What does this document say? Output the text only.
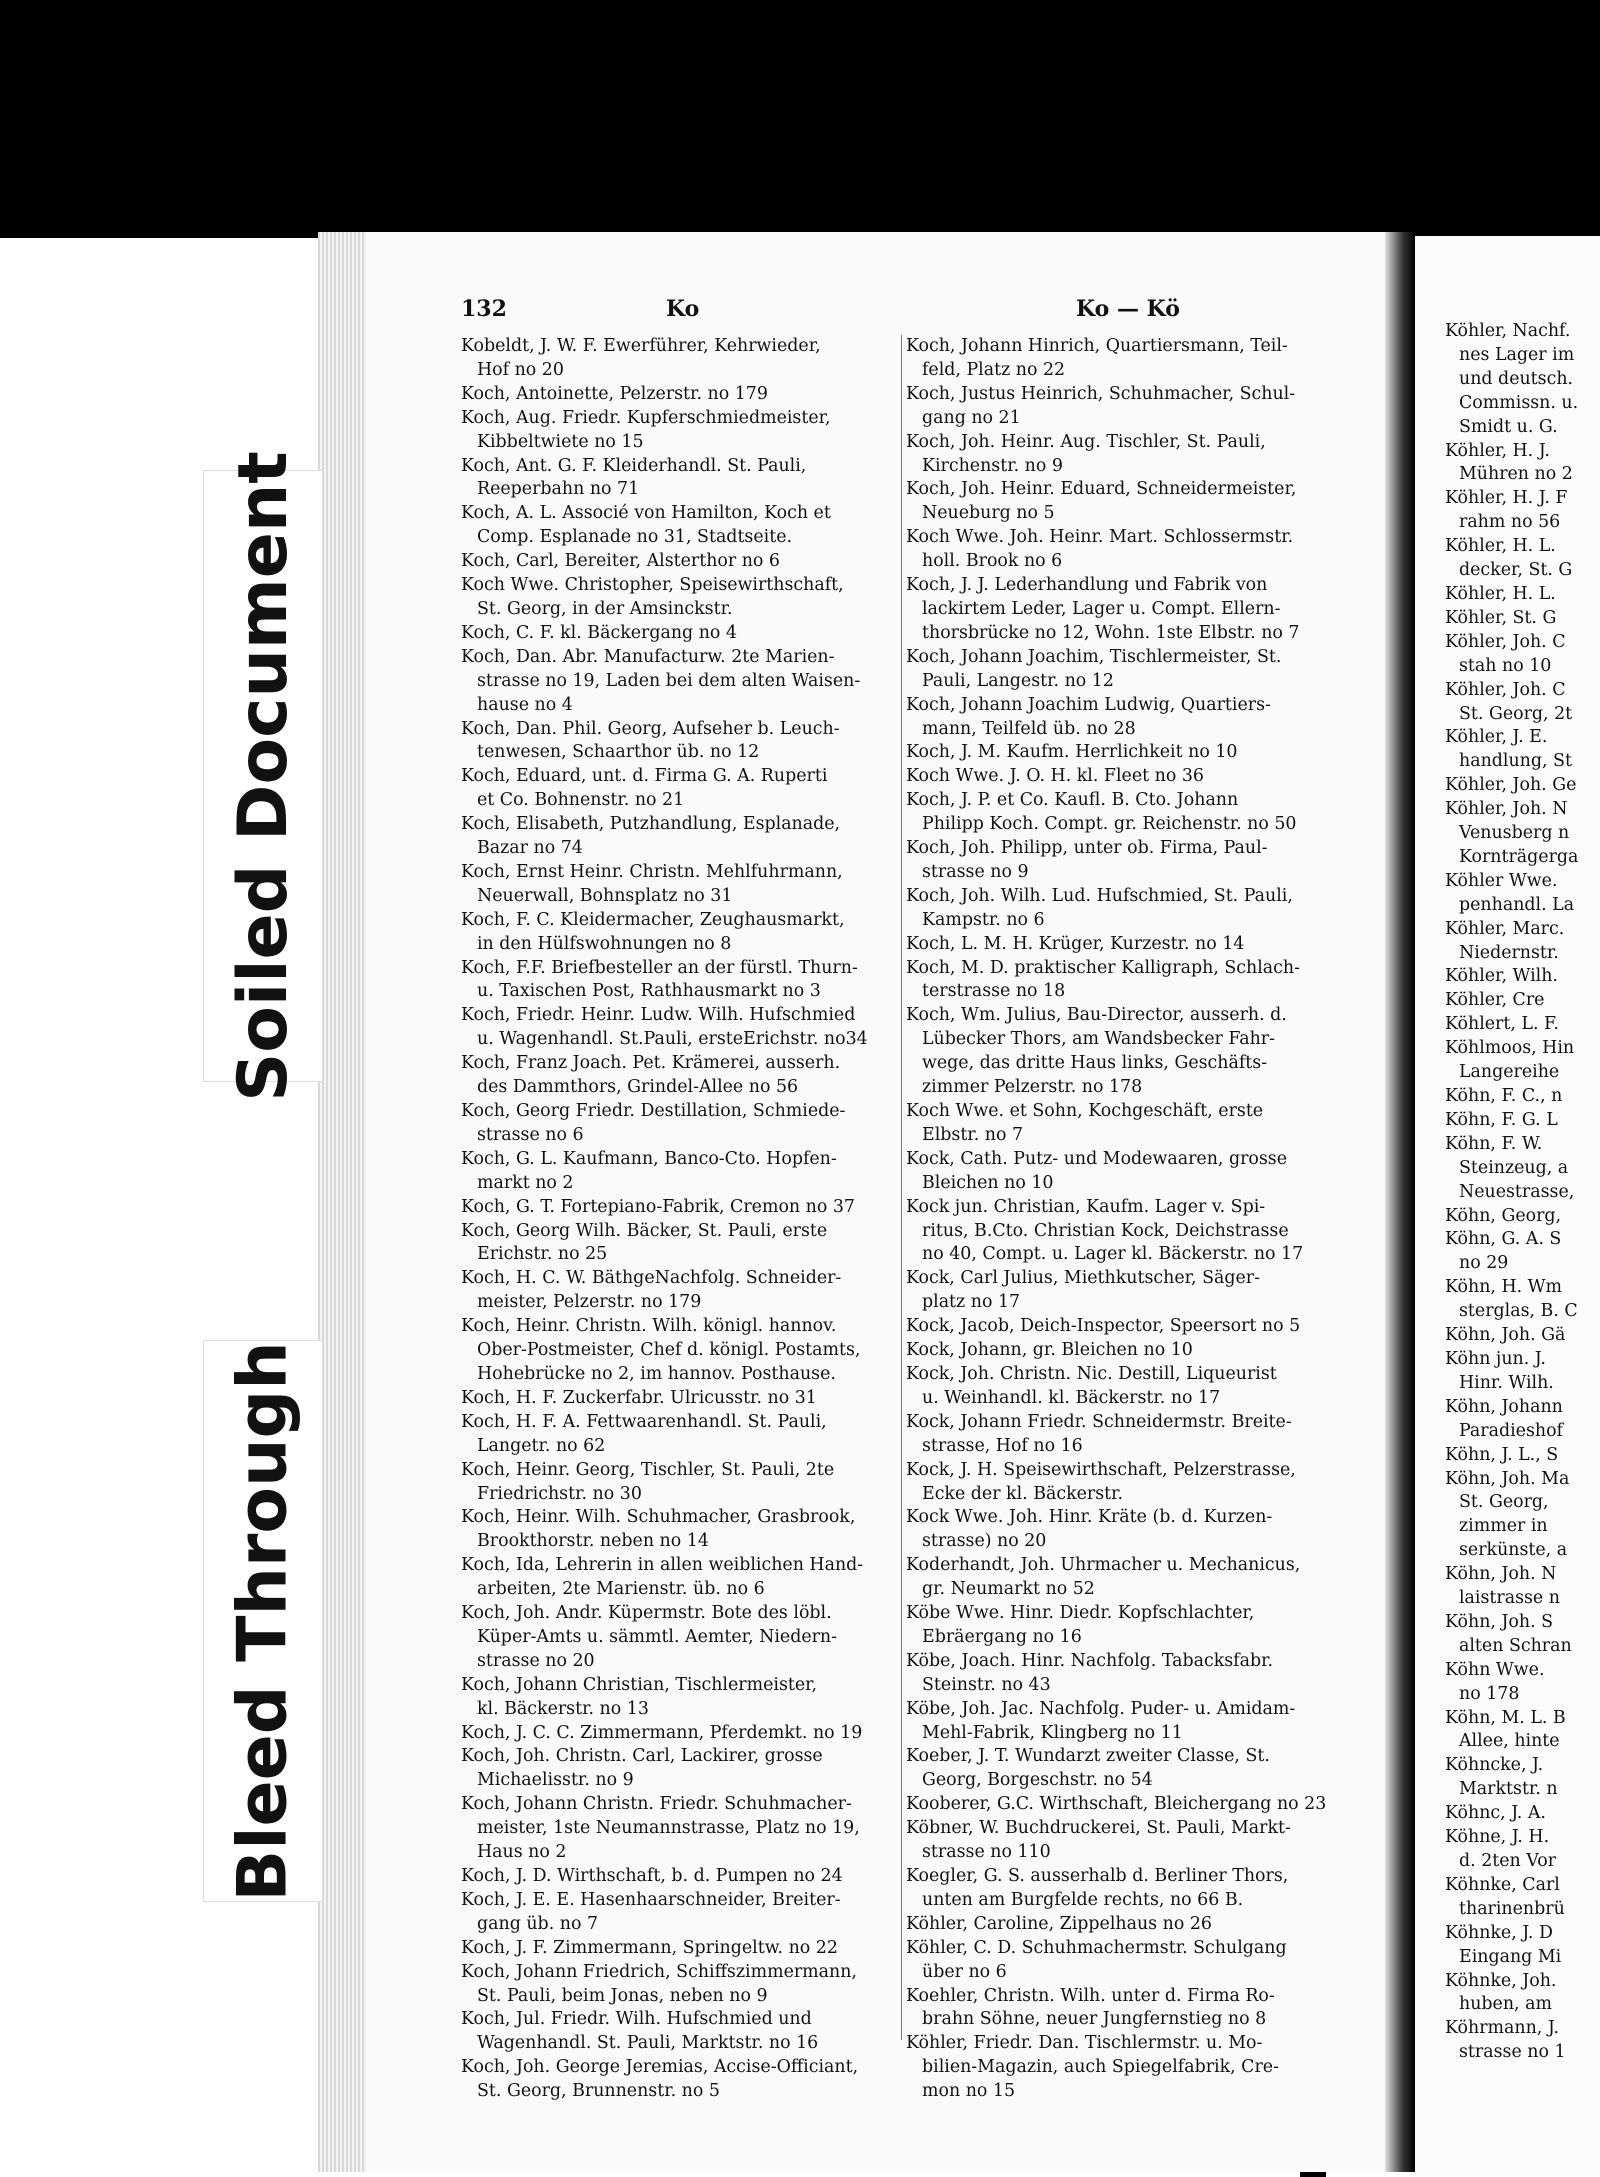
Köhler, Nachf.
nes Lager im
und deutsch.
Commissn. u.
Smidt u. G.
Köhler, H. J.
Mühren no 2
Köhler, H. J. F
rahm no 56
Köhler, H. L.
decker, St. G
Köhler, H. L.
Köhler, St. G
Köhler, Joh. C
stah no 10
Köhler, Joh. C
St. Georg, 2t
Köhler, J. E.
handlung, St
Köhler, Joh. Ge
Köhler, Joh. N
Venusberg n
Kornträgerga
Köhler Wwe.
penhandl. La
Köhler, Marc.
Niedernstr.
Köhler, Wilh.
Köhler, Cre
Köhlert, L. F.
Köhlmoos, Hin
Langereihe
Köhn, F. C., n
Köhn, F. G. L
Köhn, F. W.
Steinzeug, a
Neuestrasse,
Köhn, Georg,
Köhn, G. A. S
no 29
Köhn, H. Wm
sterglas, B. C
Köhn, Joh. Gä
Köhn jun. J.
Hinr. Wilh.
Köhn, Johann
Paradieshof
Köhn, J. L., S
Köhn, Joh. Ma
St. Georg,
zimmer in
serkünste, a
Köhn, Joh. N
laistrasse n
Köhn, Joh. S
alten Schran
Köhn Wwe.
no 178
Köhn, M. L. B
Allee, hinte
Köhncke, J.
Marktstr. n
Köhnc, J. A.
Köhne, J. H.
d. 2ten Vor
Köhnke, Carl
tharinenbrü
Köhnke, J. D
Eingang Mi
Köhnke, Joh.
huben, am
Köhrmann, J.
strasse no 1
Soiled Document
Bleed Through
132	Ko	Ko — Kö
Kobeldt, J. W. F. Ewerführer, Kehrwieder,
Hof no 20
Koch, Antoinette, Pelzerstr. no 179
Koch, Aug. Friedr. Kupferschmiedmeister,
Kibbeltwiete no 15
Koch, Ant. G. F. Kleiderhandl. St. Pauli,
Reeperbahn no 71
Koch, A. L. Associé von Hamilton, Koch et
Comp. Esplanade no 31, Stadtseite.
Koch, Carl, Bereiter, Alsterthor no 6
Koch Wwe. Christopher, Speisewirthschaft,
St. Georg, in der Amsinckstr.
Koch, C. F. kl. Bäckergang no 4
Koch, Dan. Abr. Manufacturw. 2te Marien-
strasse no 19, Laden bei dem alten Waisen-
hause no 4
Koch, Dan. Phil. Georg, Aufseher b. Leuch-
tenwesen, Schaarthor üb. no 12
Koch, Eduard, unt. d. Firma G. A. Ruperti
et Co. Bohnenstr. no 21
Koch, Elisabeth, Putzhandlung, Esplanade,
Bazar no 74
Koch, Ernst Heinr. Christn. Mehlfuhrmann,
Neuerwall, Bohnsplatz no 31
Koch, F. C. Kleidermacher, Zeughausmarkt,
in den Hülfswohnungen no 8
Koch, F.F. Briefbesteller an der fürstl. Thurn-
u. Taxischen Post, Rathhausmarkt no 3
Koch, Friedr. Heinr. Ludw. Wilh. Hufschmied
u. Wagenhandl. St.Pauli, ersteErichstr. no34
Koch, Franz Joach. Pet. Krämerei, ausserh.
des Dammthors, Grindel-Allee no 56
Koch, Georg Friedr. Destillation, Schmiede-
strasse no 6
Koch, G. L. Kaufmann, Banco-Cto. Hopfen-
markt no 2
Koch, G. T. Fortepiano-Fabrik, Cremon no 37
Koch, Georg Wilh. Bäcker, St. Pauli, erste
Erichstr. no 25
Koch, H. C. W. BäthgeNachfolg. Schneider-
meister, Pelzerstr. no 179
Koch, Heinr. Christn. Wilh. königl. hannov.
Ober-Postmeister, Chef d. königl. Postamts,
Hohebrücke no 2, im hannov. Posthause.
Koch, H. F. Zuckerfabr. Ulricusstr. no 31
Koch, H. F. A. Fettwaarenhandl. St. Pauli,
Langetr. no 62
Koch, Heinr. Georg, Tischler, St. Pauli, 2te
Friedrichstr. no 30
Koch, Heinr. Wilh. Schuhmacher, Grasbrook,
Brookthorstr. neben no 14
Koch, Ida, Lehrerin in allen weiblichen Hand-
arbeiten, 2te Marienstr. üb. no 6
Koch, Joh. Andr. Küpermstr. Bote des löbl.
Küper-Amts u. sämmtl. Aemter, Niedern-
strasse no 20
Koch, Johann Christian, Tischlermeister,
kl. Bäckerstr. no 13
Koch, J. C. C. Zimmermann, Pferdemkt. no 19
Koch, Joh. Christn. Carl, Lackirer, grosse
Michaelisstr. no 9
Koch, Johann Christn. Friedr. Schuhmacher-
meister, 1ste Neumannstrasse, Platz no 19,
Haus no 2
Koch, J. D. Wirthschaft, b. d. Pumpen no 24
Koch, J. E. E. Hasenhaarschneider, Breiter-
gang üb. no 7
Koch, J. F. Zimmermann, Springeltw. no 22
Koch, Johann Friedrich, Schiffszimmermann,
St. Pauli, beim Jonas, neben no 9
Koch, Jul. Friedr. Wilh. Hufschmied und
Wagenhandl. St. Pauli, Marktstr. no 16
Koch, Joh. George Jeremias, Accise-Officiant,
St. Georg, Brunnenstr. no 5
Koch, Johann Hinrich, Quartiersmann, Teil-
feld, Platz no 22
Koch, Justus Heinrich, Schuhmacher, Schul-
gang no 21
Koch, Joh. Heinr. Aug. Tischler, St. Pauli,
Kirchenstr. no 9
Koch, Joh. Heinr. Eduard, Schneidermeister,
Neueburg no 5
Koch Wwe. Joh. Heinr. Mart. Schlossermstr.
holl. Brook no 6
Koch, J. J. Lederhandlung und Fabrik von
lackirtem Leder, Lager u. Compt. Ellern-
thorsbrücke no 12, Wohn. 1ste Elbstr. no 7
Koch, Johann Joachim, Tischlermeister, St.
Pauli, Langestr. no 12
Koch, Johann Joachim Ludwig, Quartiers-
mann, Teilfeld üb. no 28
Koch, J. M. Kaufm. Herrlichkeit no 10
Koch Wwe. J. O. H. kl. Fleet no 36
Koch, J. P. et Co. Kaufl. B. Cto. Johann
Philipp Koch. Compt. gr. Reichenstr. no 50
Koch, Joh. Philipp, unter ob. Firma, Paul-
strasse no 9
Koch, Joh. Wilh. Lud. Hufschmied, St. Pauli,
Kampstr. no 6
Koch, L. M. H. Krüger, Kurzestr. no 14
Koch, M. D. praktischer Kalligraph, Schlach-
terstrasse no 18
Koch, Wm. Julius, Bau-Director, ausserh. d.
Lübecker Thors, am Wandsbecker Fahr-
wege, das dritte Haus links, Geschäfts-
zimmer Pelzerstr. no 178
Koch Wwe. et Sohn, Kochgeschäft, erste
Elbstr. no 7
Kock, Cath. Putz- und Modewaaren, grosse
Bleichen no 10
Kock jun. Christian, Kaufm. Lager v. Spi-
ritus, B.Cto. Christian Kock, Deichstrasse
no 40, Compt. u. Lager kl. Bäckerstr. no 17
Kock, Carl Julius, Miethkutscher, Säger-
platz no 17
Kock, Jacob, Deich-Inspector, Speersort no 5
Kock, Johann, gr. Bleichen no 10
Kock, Joh. Christn. Nic. Destill, Liqueurist
u. Weinhandl. kl. Bäckerstr. no 17
Kock, Johann Friedr. Schneidermstr. Breite-
strasse, Hof no 16
Kock, J. H. Speisewirthschaft, Pelzerstrasse,
Ecke der kl. Bäckerstr.
Kock Wwe. Joh. Hinr. Kräte (b. d. Kurzen-
strasse) no 20
Koderhandt, Joh. Uhrmacher u. Mechanicus,
gr. Neumarkt no 52
Köbe Wwe. Hinr. Diedr. Kopfschlachter,
Ebräergang no 16
Köbe, Joach. Hinr. Nachfolg. Tabacksfabr.
Steinstr. no 43
Köbe, Joh. Jac. Nachfolg. Puder- u. Amidam-
Mehl-Fabrik, Klingberg no 11
Koeber, J. T. Wundarzt zweiter Classe, St.
Georg, Borgeschstr. no 54
Kooberer, G.C. Wirthschaft, Bleichergang no 23
Köbner, W. Buchdruckerei, St. Pauli, Markt-
strasse no 110
Koegler, G. S. ausserhalb d. Berliner Thors,
unten am Burgfelde rechts, no 66 B.
Köhler, Caroline, Zippelhaus no 26
Köhler, C. D. Schuhmachermstr. Schulgang
über no 6
Koehler, Christn. Wilh. unter d. Firma Ro-
brahn Söhne, neuer Jungfernstieg no 8
Köhler, Friedr. Dan. Tischlermstr. u. Mo-
bilien-Magazin, auch Spiegelfabrik, Cre-
mon no 15
